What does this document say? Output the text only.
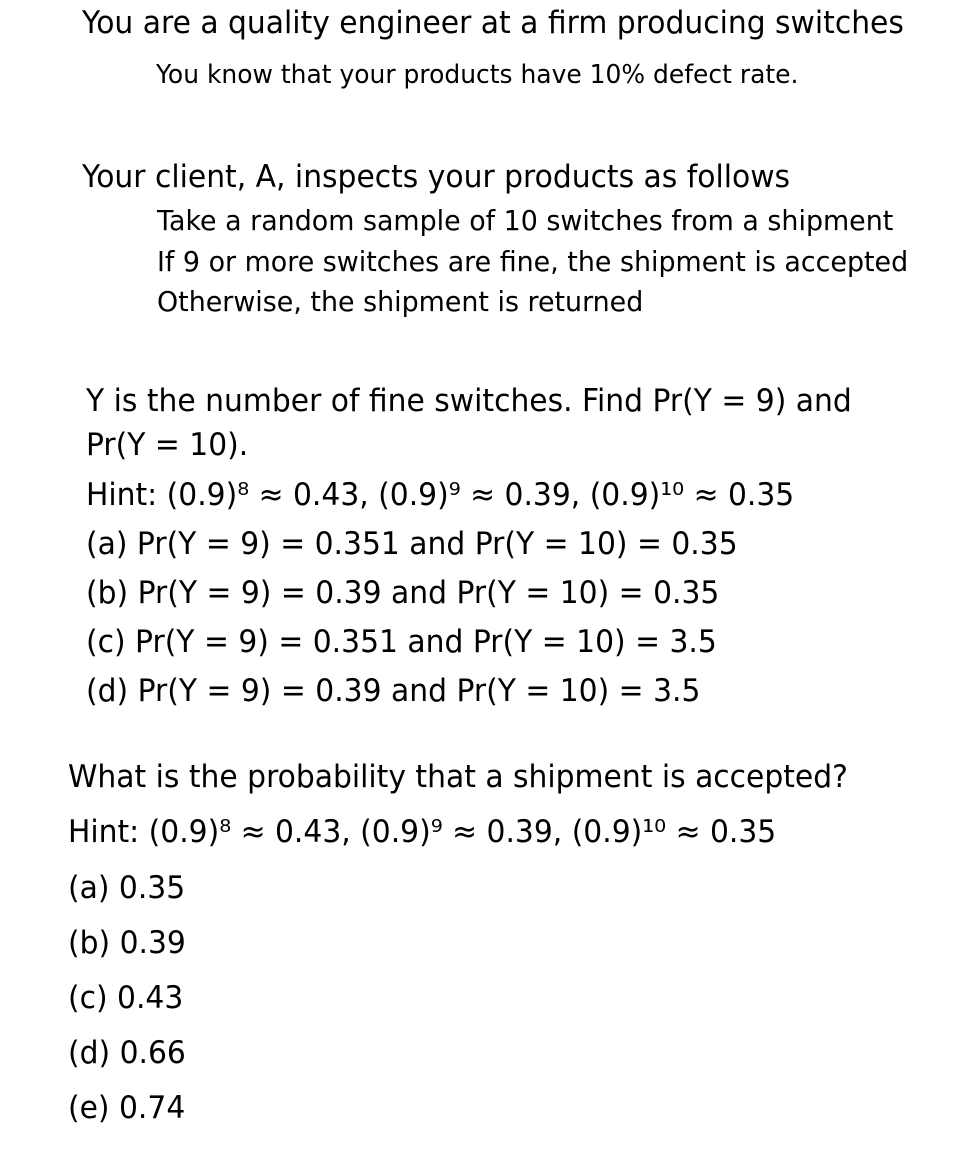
You are a quality engineer at a firm producing switches
You know that your products have 10% defect rate.
Your client, A, inspects your products as follows
Take a random sample of 10 switches from a shipment
If 9 or more switches are fine, the shipment is accepted
Otherwise, the shipment is returned
Y is the number of fine switches. Find Pr(Y = 9) and
Pr(Y = 10).
Hint: (0.9)⁸ ≈ 0.43, (0.9)⁹ ≈ 0.39, (0.9)¹⁰ ≈ 0.35
(a) Pr(Y = 9) = 0.351 and Pr(Y = 10) = 0.35
(b) Pr(Y = 9) = 0.39 and Pr(Y = 10) = 0.35
(c) Pr(Y = 9) = 0.351 and Pr(Y = 10) = 3.5
(d) Pr(Y = 9) = 0.39 and Pr(Y = 10) = 3.5
What is the probability that a shipment is accepted?
Hint: (0.9)⁸ ≈ 0.43, (0.9)⁹ ≈ 0.39, (0.9)¹⁰ ≈ 0.35
(a) 0.35
(b) 0.39
(c) 0.43
(d) 0.66
(e) 0.74
